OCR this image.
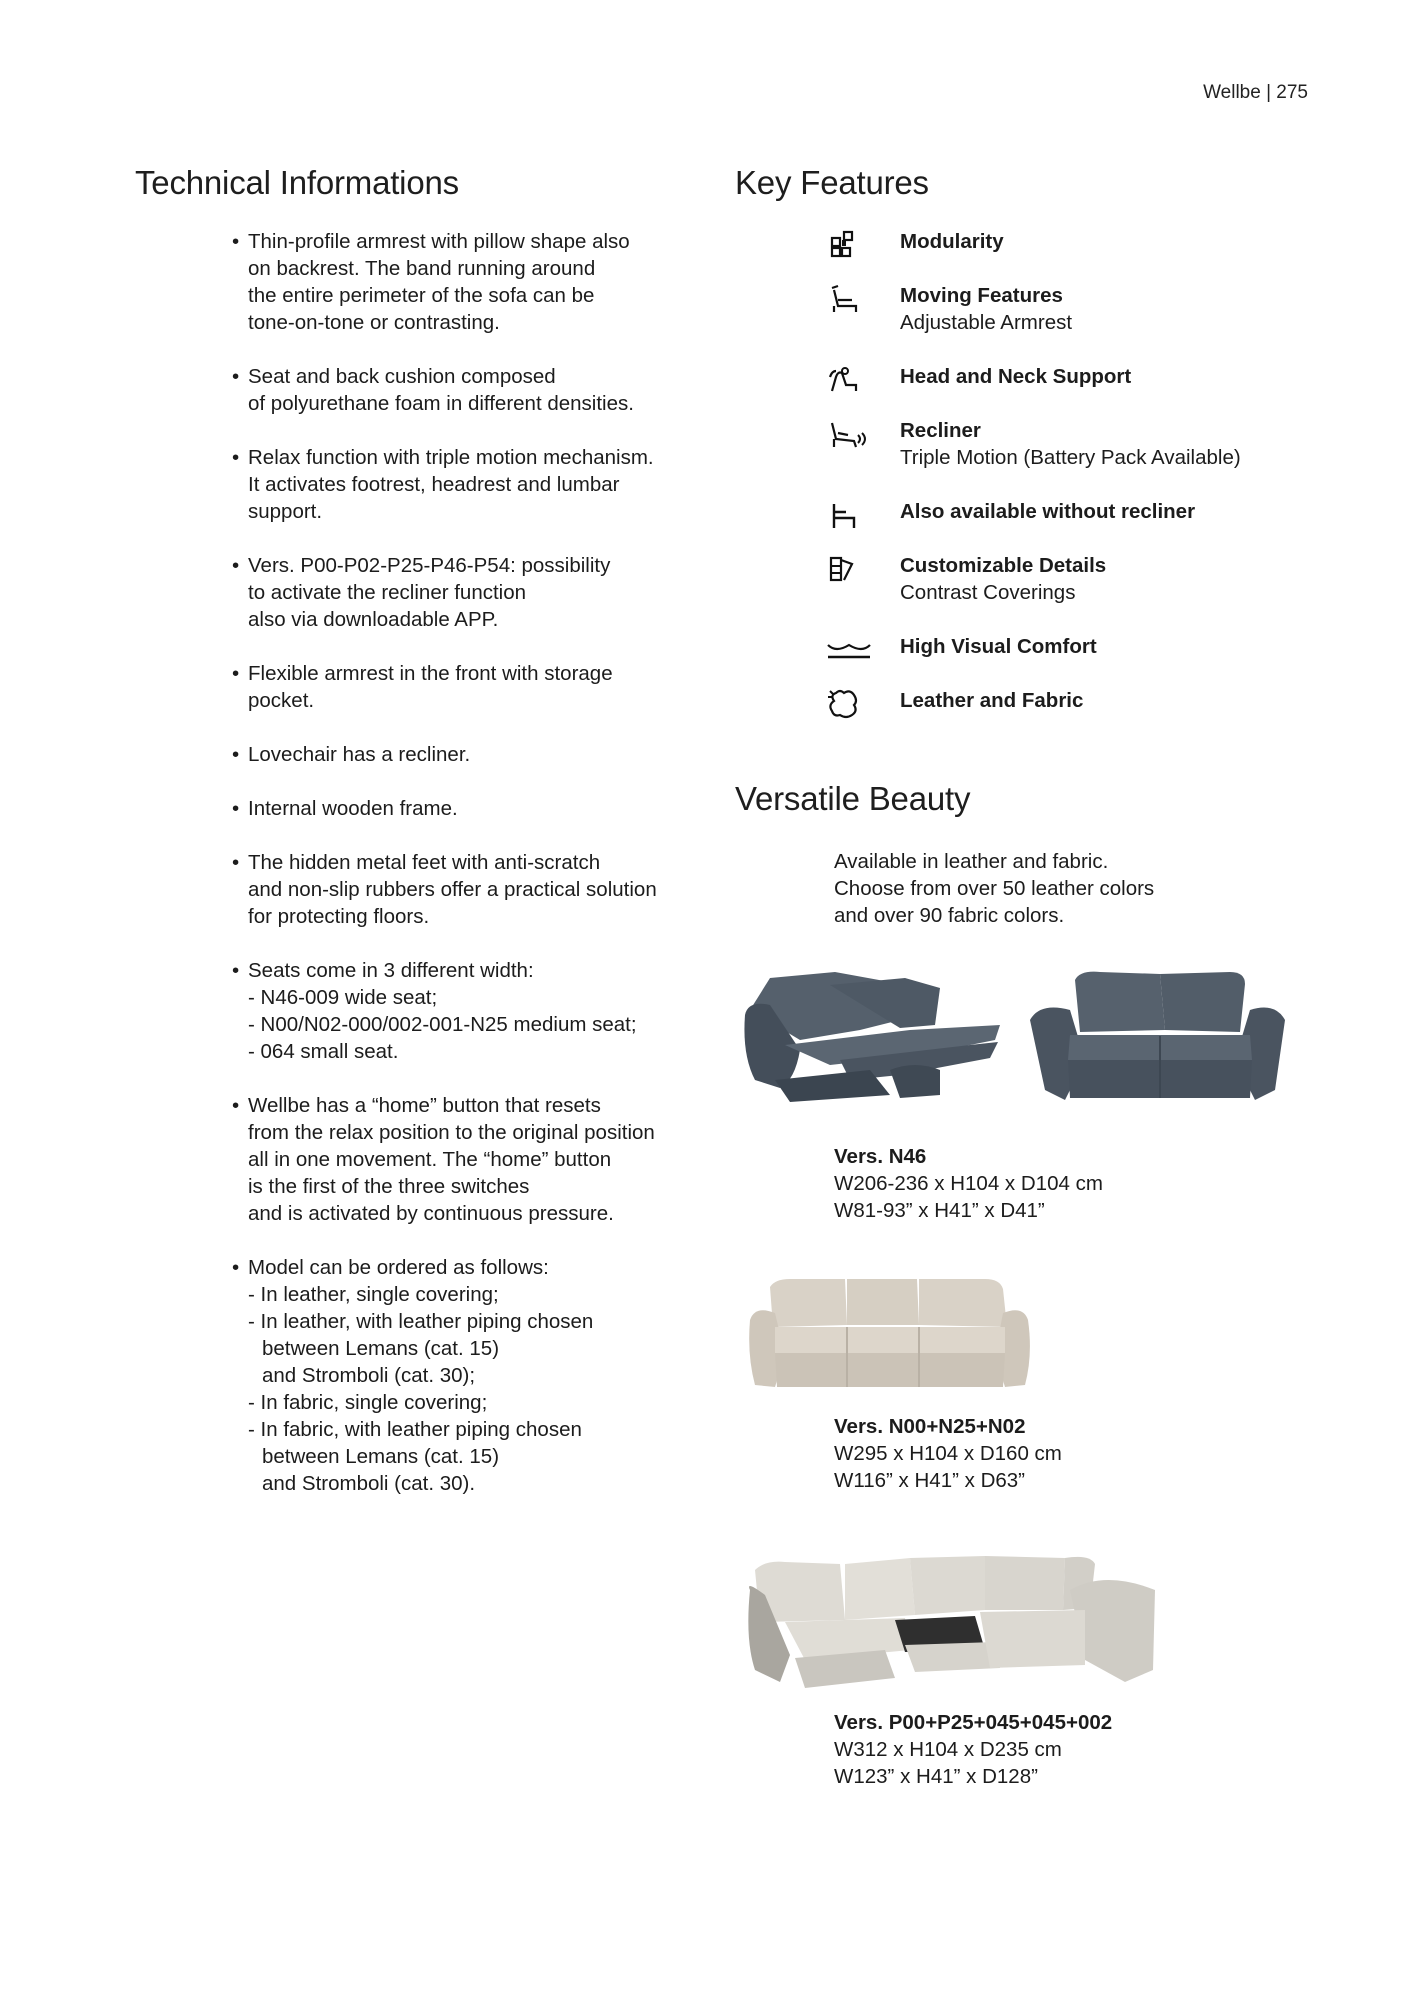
Wellbe | 275
Technical Informations	Key Features
Versatile Beauty
• Thin-profile armrest with pillow shape also
on backrest. The band running around
the entire perimeter of the sofa can be
tone-on-tone or contrasting.
• Seat and back cushion composed
of polyurethane foam in different densities.
• Relax function with triple motion mechanism.
It activates footrest, headrest and lumbar
support.
• Vers. P00-P02-P25-P46-P54: possibility
to activate the recliner function
also via downloadable APP.
• Flexible armrest in the front with storage
pocket.
• Lovechair has a recliner.
• Internal wooden frame.
• The hidden metal feet with anti-scratch
and non-slip rubbers offer a practical solution
for protecting floors.
• Seats come in 3 different width:
- N46-009 wide seat;
- N00/N02-000/002-001-N25 medium seat;
- 064 small seat.
• Wellbe has a “home” button that resets
from the relax position to the original position
all in one movement. The “home” button
is the first of the three switches
and is activated by continuous pressure.
• Model can be ordered as follows:
- In leather, single covering;
- In leather, with leather piping chosen
between Lemans (cat. 15)
and Stromboli (cat. 30);
- In fabric, single covering;
- In fabric, with leather piping chosen
between Lemans (cat. 15)
and Stromboli (cat. 30).
Modularity
Moving Features
Adjustable Armrest
Head and Neck Support
Recliner
Triple Motion (Battery Pack Available)
Also available without recliner
Customizable Details
Contrast Coverings
High Visual Comfort
Leather and Fabric
Available in leather and fabric.
Choose from over 50 leather colors
and over 90 fabric colors.
Vers. N46
W206-236 x H104 x D104 cm
W81-93” x H41” x D41”
Vers. N00+N25+N02
W295 x H104 x D160 cm
W116” x H41” x D63”
Vers. P00+P25+045+045+002
W312 x H104 x D235 cm
W123” x H41” x D128”
